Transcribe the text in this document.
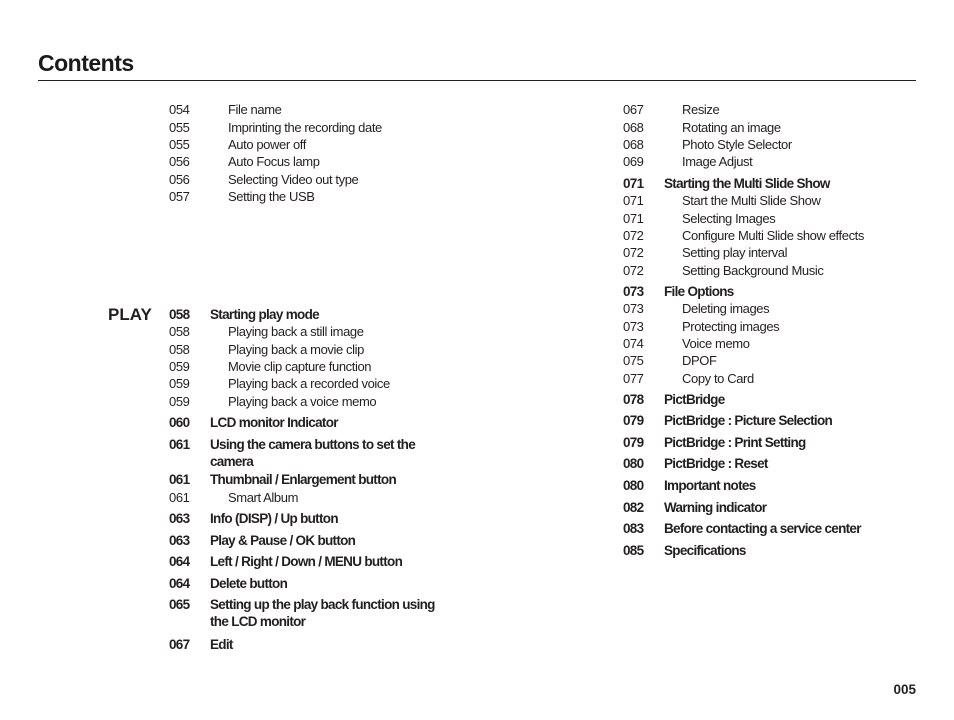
Contents
PLAY
054	File name
055	Imprinting the recording date
055	Auto power off
056	Auto Focus lamp
056	Selecting Video out type
057	Setting the USB
058	Starting play mode
058	Playing back a still image
058	Playing back a movie clip
059	Movie clip capture function
059	Playing back a recorded voice
059	Playing back a voice memo
060	LCD monitor Indicator
061	Using the camera buttons to set the camera
061	Thumbnail / Enlargement button
061	Smart Album
063	Info (DISP) / Up button
063	Play & Pause / OK button
064	Left / Right / Down / MENU button
064	Delete button
065	Setting up the play back function using the LCD monitor
067	Edit
067	Resize
068	Rotating an image
068	Photo Style Selector
069	Image Adjust
071	Starting the Multi Slide Show
071	Start the Multi Slide Show
071	Selecting Images
072	Configure Multi Slide show effects
072	Setting play interval
072	Setting Background Music
073	File Options
073	Deleting images
073	Protecting images
074	Voice memo
075	DPOF
077	Copy to Card
078	PictBridge
079	PictBridge : Picture Selection
079	PictBridge : Print Setting
080	PictBridge : Reset
080	Important notes
082	Warning indicator
083	Before contacting a service center
085	Specifications
005
